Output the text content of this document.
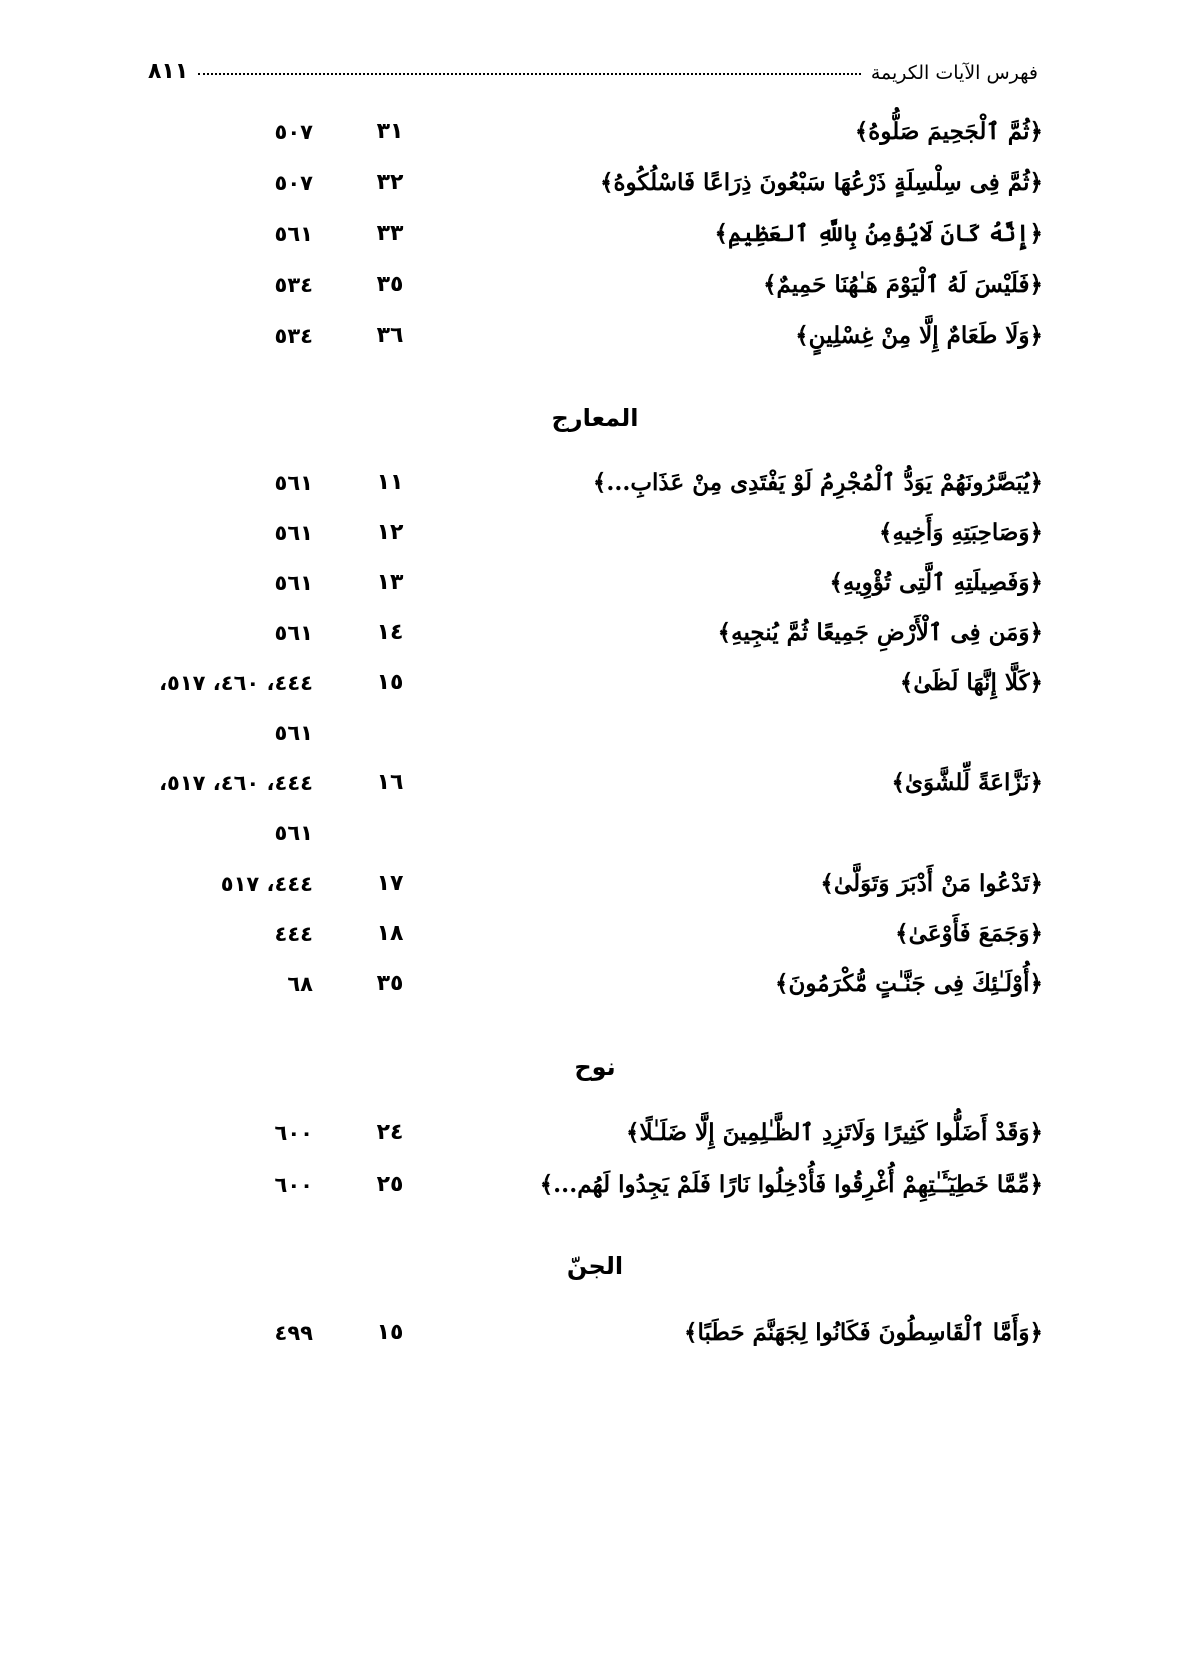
فهرس الآيات الكريمة
٨١١
﴿ثُمَّ ٱلْجَحِيمَ صَلُّوهُ﴾
٣١
٥٠٧
﴿ثُمَّ فِى سِلْسِلَةٍ ذَرْعُهَا سَبْعُونَ ذِرَاعًا فَاسْلُكُوهُ﴾
٣٢
٥٠٧
﴿إِنَّهُ كَانَ لَايُؤمِنُ بِاللَّهِ ٱلعَظِيمِ﴾
٣٣
٥٦١
﴿فَلَيْسَ لَهُ ٱلْيَوْمَ هَـٰهُنَا حَمِيمٌ﴾
٣٥
٥٣٤
﴿وَلَا طَعَامٌ إِلَّا مِنْ غِسْلِينٍ﴾
٣٦
٥٣٤
المعارج
﴿يُبَصَّرُونَهُمْ يَوَدُّ ٱلْمُجْرِمُ لَوْ يَفْتَدِى مِنْ عَذَابِ...﴾
١١
٥٦١
﴿وَصَاحِبَتِهِ وَأَخِيهِ﴾
١٢
٥٦١
﴿وَفَصِيلَتِهِ ٱلَّتِى تُؤْوِيهِ﴾
١٣
٥٦١
﴿وَمَن فِى ٱلْأَرْضِ جَمِيعًا ثُمَّ يُنجِيهِ﴾
١٤
٥٦١
﴿كَلَّا إِنَّهَا لَظَىٰ﴾
١٥
٤٤٤، ٤٦٠، ٥١٧،
٥٦١
﴿نَزَّاعَةً لِّلشَّوَىٰ﴾
١٦
٤٤٤، ٤٦٠، ٥١٧،
٥٦١
﴿تَدْعُوا مَنْ أَدْبَرَ وَتَوَلَّىٰ﴾
١٧
٤٤٤، ٥١٧
﴿وَجَمَعَ فَأَوْعَىٰ﴾
١٨
٤٤٤
﴿أُوْلَـٰئِكَ فِى جَنَّـٰتٍ مُّكْرَمُونَ﴾
٣٥
٦٨
نوح
﴿وَقَدْ أَضَلُّوا كَثِيرًا وَلَاتَزِدِ ٱلظَّـٰلِمِينَ إِلَّا ضَلَـٰلًا﴾
٢٤
٦٠٠
﴿مِّمَّا خَطِيٓـَٔـٰتِهِمْ أُغْرِقُوا فَأُدْخِلُوا نَارًا فَلَمْ يَجِدُوا لَهُم...﴾
٢٥
٦٠٠
الجنّ
﴿وَأَمَّا ٱلْقَاسِطُونَ فَكَانُوا لِجَهَنَّمَ حَطَبًا﴾
١٥
٤٩٩
